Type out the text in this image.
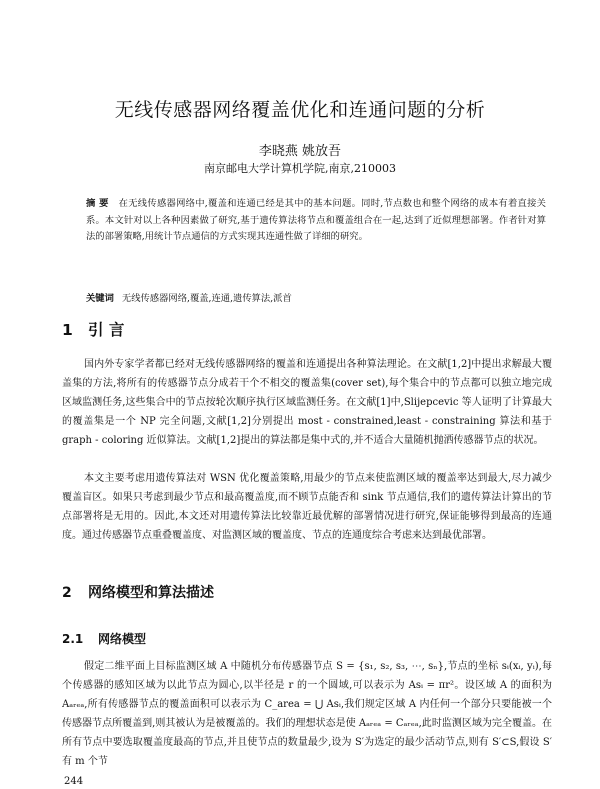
无线传感器网络覆盖优化和连通问题的分析
李晓燕 姚放吾
南京邮电大学计算机学院,南京,210003
摘 要 在无线传感器网络中,覆盖和连通已经是其中的基本问题。同时,节点数也和整个网络的成本有着直接关系。本文针对以上各种因素做了研究,基于遗传算法将节点和覆盖组合在一起,达到了近似理想部署。作者针对算法的部署策略,用统计节点通信的方式实现其连通性做了详细的研究。
关键词 无线传感器网络,覆盖,连通,遗传算法,派首
1 引 言
国内外专家学者都已经对无线传感器网络的覆盖和连通提出各种算法理论。在文献[1,2]中提出求解最大覆盖集的方法,将所有的传感器节点分成若干个不相交的覆盖集(cover set),每个集合中的节点都可以独立地完成区域监测任务,这些集合中的节点按轮次顺序执行区域监测任务。在文献[1]中,Slijepcevic 等人证明了计算最大的覆盖集是一个 NP 完全问题,文献[1,2]分别提出 most - constrained,least - constraining 算法和基于 graph - coloring 近似算法。文献[1,2]提出的算法都是集中式的,并不适合大量随机抛洒传感器节点的状况。
本文主要考虑用遗传算法对 WSN 优化覆盖策略,用最少的节点来使监测区域的覆盖率达到最大,尽力减少覆盖盲区。如果只考虑到最少节点和最高覆盖度,而不顾节点能否和 sink 节点通信,我们的遗传算法计算出的节点部署将是无用的。因此,本文还对用遗传算法比较靠近最优解的部署情况进行研究,保证能够得到最高的连通度。通过传感器节点重叠覆盖度、对监测区域的覆盖度、节点的连通度综合考虑来达到最优部署。
2 网络模型和算法描述
2.1 网络模型
假定二维平面上目标监测区域 A 中随机分布传感器节点 S = {s₁, s₂, s₃, ⋯, sₙ},节点的坐标 sᵢ(xᵢ, yᵢ),每个传感器的感知区域为以此节点为圆心,以半径是 r 的一个圆域,可以表示为 Asᵢ = πr²。设区域 A 的面积为 Aₐᵣₑₐ,所有传感器节点的覆盖面积可以表示为 C_area = ⋃ Asᵢ,我们规定区域 A 内任何一个部分只要能被一个传感器节点所覆盖到,则其被认为是被覆盖的。我们的理想状态是使 Aₐᵣₑₐ = Cₐᵣₑₐ,此时监测区域为完全覆盖。在所有节点中要选取覆盖度最高的节点,并且使节点的数量最少,设为 S′为选定的最少活动节点,则有 S′⊂S,假设 S′有 m 个节
244
